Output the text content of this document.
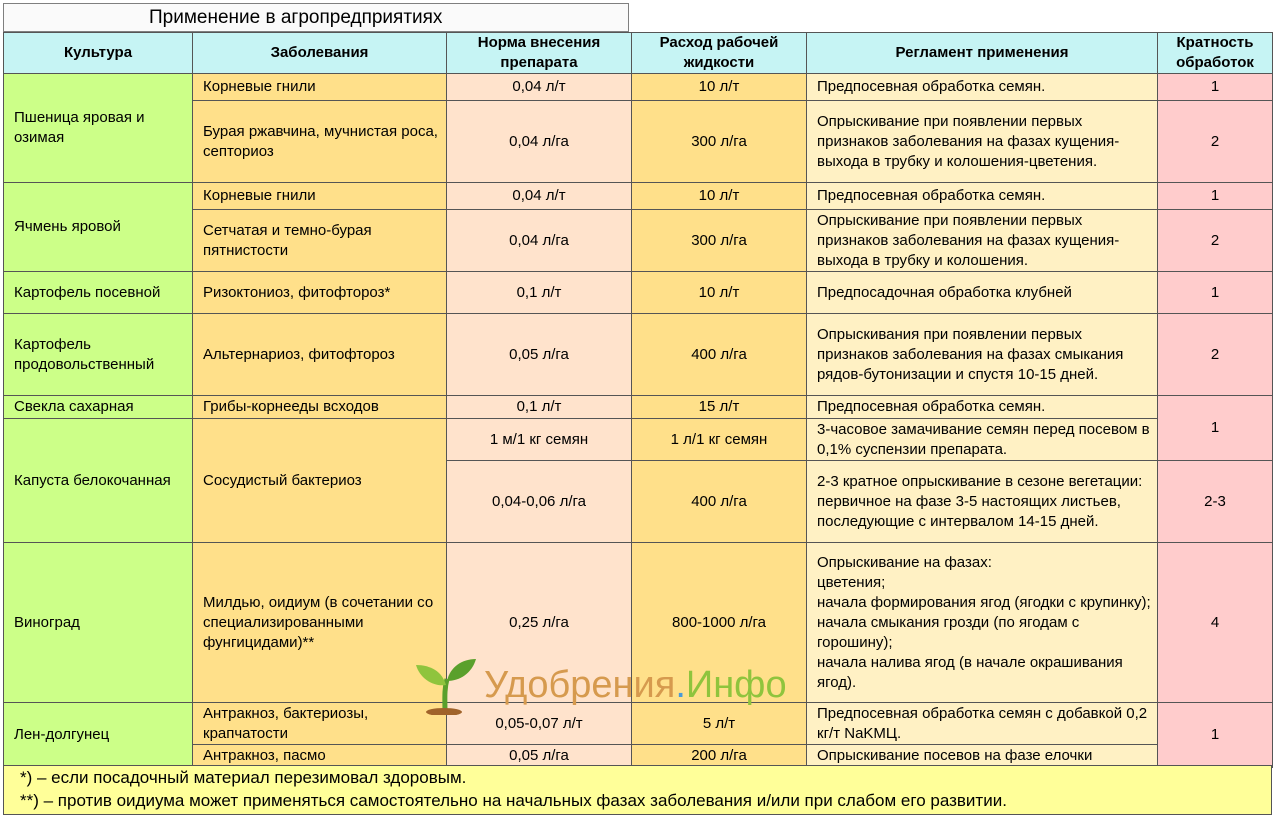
Применение в агропредприятиях
Культура	Заболевания	Норма внесения препарата	Расход рабочей жидкости	Регламент применения	Кратность обработок
Пшеница яровая и озимая	Корневые гнили	0,04 л/т	10 л/т	Предпосевная обработка семян.	1
	Бурая ржавчина, мучнистая роса, септориоз	0,04 л/га	300 л/га	Опрыскивание при появлении первых признаков заболевания на фазах кущения-выхода в трубку и колошения-цветения.	2
Ячмень яровой	Корневые гнили	0,04 л/т	10 л/т	Предпосевная обработка семян.	1
	Сетчатая и темно-бурая пятнистости	0,04 л/га	300 л/га	Опрыскивание при появлении первых признаков заболевания на фазах кущения-выхода в трубку и колошения.	2
Картофель посевной	Ризоктониоз, фитофтороз*	0,1 л/т	10 л/т	Предпосадочная обработка клубней	1
Картофель продовольственный	Альтернариоз, фитофтороз	0,05 л/га	400 л/га	Опрыскивания при появлении первых признаков заболевания на фазах смыкания рядов-бутонизации и спустя 10-15 дней.	2
Свекла сахарная	Грибы-корнееды всходов	0,1 л/т	15 л/т	Предпосевная обработка семян.	1
Капуста белокочанная	Сосудистый бактериоз	1 м/1 кг семян	1 л/1 кг семян	3-часовое замачивание семян перед посевом в 0,1% суспензии препарата.	
		0,04-0,06 л/га	400 л/га	2-3 кратное опрыскивание в сезоне вегетации: первичное на фазе 3-5 настоящих листьев, последующие с интервалом 14-15 дней.	2-3
Виноград	Милдью, оидиум (в сочетании со специализированными фунгицидами)**	0,25 л/га	800-1000 л/га	Опрыскивание на фазах:
цветения;
начала формирования ягод (ягодки с крупинку);
начала смыкания грозди (по ягодам с горошину);
начала налива ягод (в начале окрашивания ягод).	4
Лен-долгунец	Антракноз, бактериозы, крапчатости	0,05-0,07 л/т	5 л/т	Предпосевная обработка семян с добавкой 0,2 кг/т NaKMЦ.	1
	Антракноз, пасмо	0,05 л/га	200 л/га	Опрыскивание посевов на фазе елочки	
*) – если посадочный материал перезимовал здоровым.
**) – против оидиума может применяться самостоятельно на начальных фазах заболевания и/или при слабом его развитии.
Удобрения.Инфо
